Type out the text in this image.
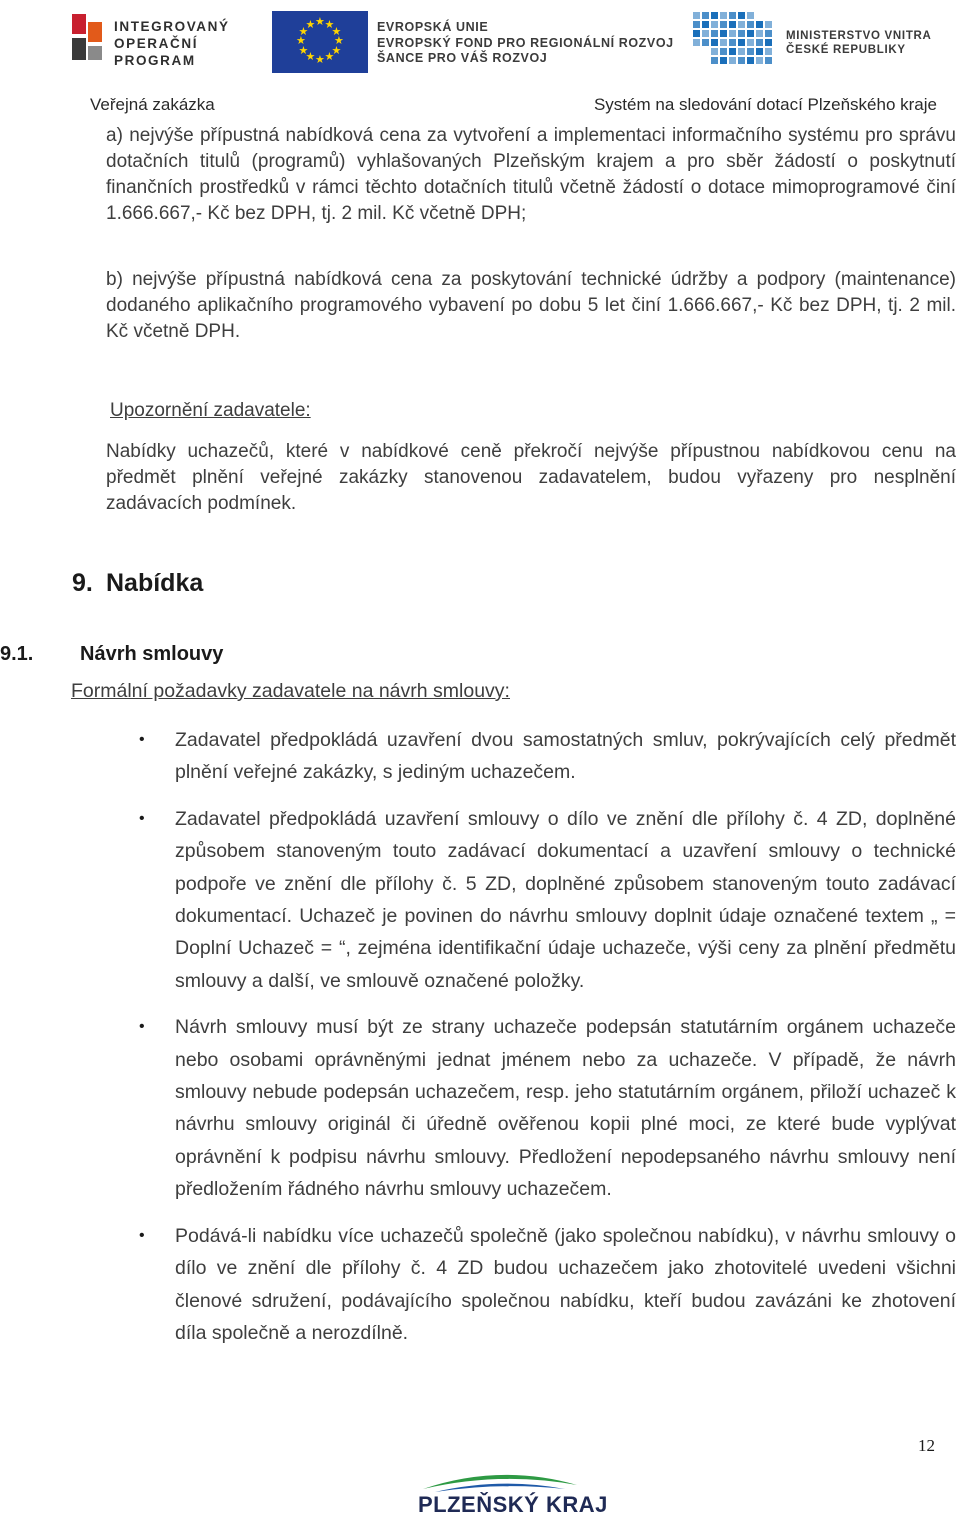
INTEGROVANÝ
OPERAČNÍ
PROGRAM
★ ★
★
★
★
★
★
★
★
★
★
★	EVROPSKÁ UNIE
EVROPSKÝ FOND PRO REGIONÁLNÍ ROZVOJ
ŠANCE PRO VÁŠ ROZVOJ
MINISTERSTVO VNITRA
ČESKÉ REPUBLIKY
Veřejná zakázka	Systém na sledování dotací Plzeňského kraje
a) nejvýše přípustná nabídková cena za vytvoření a implementaci informačního systému pro správu dotačních titulů (programů) vyhlašovaných Plzeňským krajem a pro sběr žádostí o poskytnutí finančních prostředků v rámci těchto dotačních titulů včetně žádostí o dotace mimoprogramové činí 1.666.667,- Kč bez DPH, tj. 2 mil. Kč včetně DPH;
b) nejvýše přípustná nabídková cena za poskytování technické údržby a podpory (maintenance) dodaného aplikačního programového vybavení po dobu 5 let činí 1.666.667,- Kč bez DPH, tj. 2 mil. Kč včetně DPH.
Upozornění zadavatele:
Nabídky uchazečů, které v nabídkové ceně překročí nejvýše přípustnou nabídkovou cenu na předmět plnění veřejné zakázky stanovenou zadavatelem, budou vyřazeny pro nesplnění zadávacích podmínek.
9. Nabídka
9.1. Návrh smlouvy
Formální požadavky zadavatele na návrh smlouvy:
• Zadavatel předpokládá uzavření dvou samostatných smluv, pokrývajících celý předmět plnění veřejné zakázky, s jediným uchazečem.
• Zadavatel předpokládá uzavření smlouvy o dílo ve znění dle přílohy č. 4 ZD, doplněné způsobem stanoveným touto zadávací dokumentací a uzavření smlouvy o technické podpoře ve znění dle přílohy č. 5 ZD, doplněné způsobem stanoveným touto zadávací dokumentací. Uchazeč je povinen do návrhu smlouvy doplnit údaje označené textem „ = Doplní Uchazeč = “, zejména identifikační údaje uchazeče, výši ceny za plnění předmětu smlouvy a další, ve smlouvě označené položky.
• Návrh smlouvy musí být ze strany uchazeče podepsán statutárním orgánem uchazeče nebo osobami oprávněnými jednat jménem nebo za uchazeče. V případě, že návrh smlouvy nebude podepsán uchazečem, resp. jeho statutárním orgánem, přiloží uchazeč k návrhu smlouvy originál či úředně ověřenou kopii plné moci, ze které bude vyplývat oprávnění k podpisu návrhu smlouvy. Předložení nepodepsaného návrhu smlouvy není předložením řádného návrhu smlouvy uchazečem.
• Podává-li nabídku více uchazečů společně (jako společnou nabídku), v návrhu smlouvy o dílo ve znění dle přílohy č. 4 ZD budou uchazečem jako zhotovitelé uvedeni všichni členové sdružení, podávajícího společnou nabídku, kteří budou zavázáni ke zhotovení díla společně a nerozdílně.
12
PLZEŇSKÝ KRAJ
